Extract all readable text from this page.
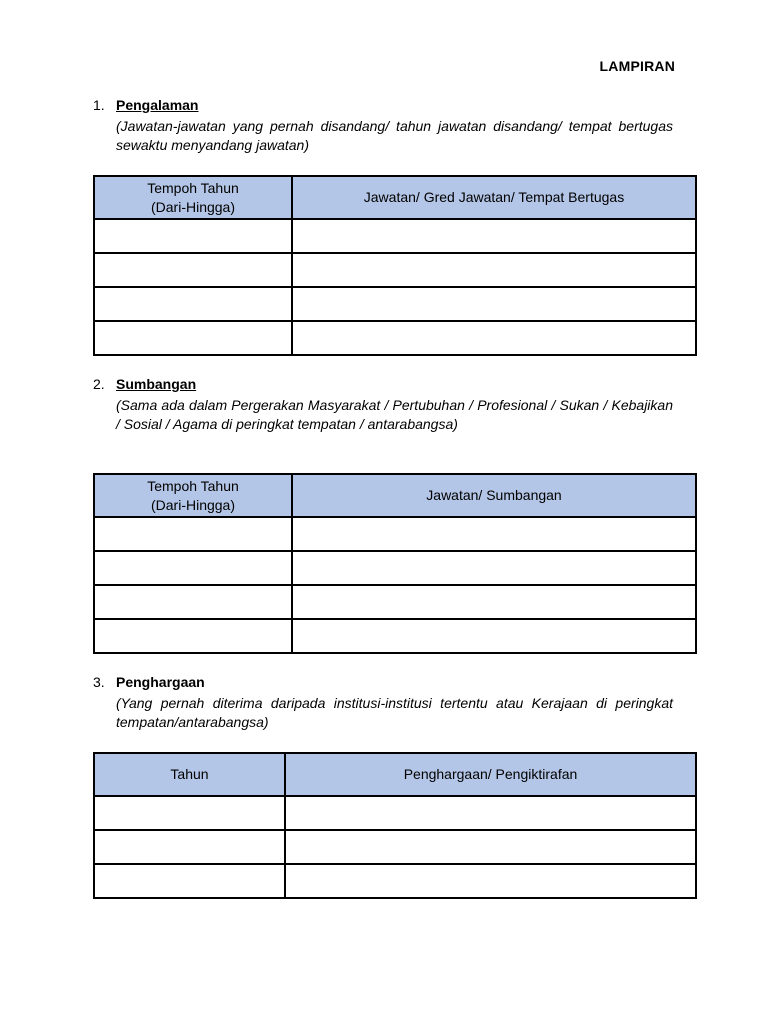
LAMPIRAN
1. Pengalaman
(Jawatan-jawatan yang pernah disandang/ tahun jawatan disandang/ tempat bertugas sewaktu menyandang jawatan)
Tempoh Tahun
(Dari-Hingga)	Jawatan/ Gred Jawatan/ Tempat Bertugas

2. Sumbangan
(Sama ada dalam Pergerakan Masyarakat / Pertubuhan / Profesional / Sukan / Kebajikan / Sosial / Agama di peringkat tempatan / antarabangsa)
Tempoh Tahun
(Dari-Hingga)	Jawatan/ Sumbangan

3. Penghargaan
(Yang pernah diterima daripada institusi-institusi tertentu atau Kerajaan di peringkat tempatan/antarabangsa)
Tahun	Penghargaan/ Pengiktirafan
